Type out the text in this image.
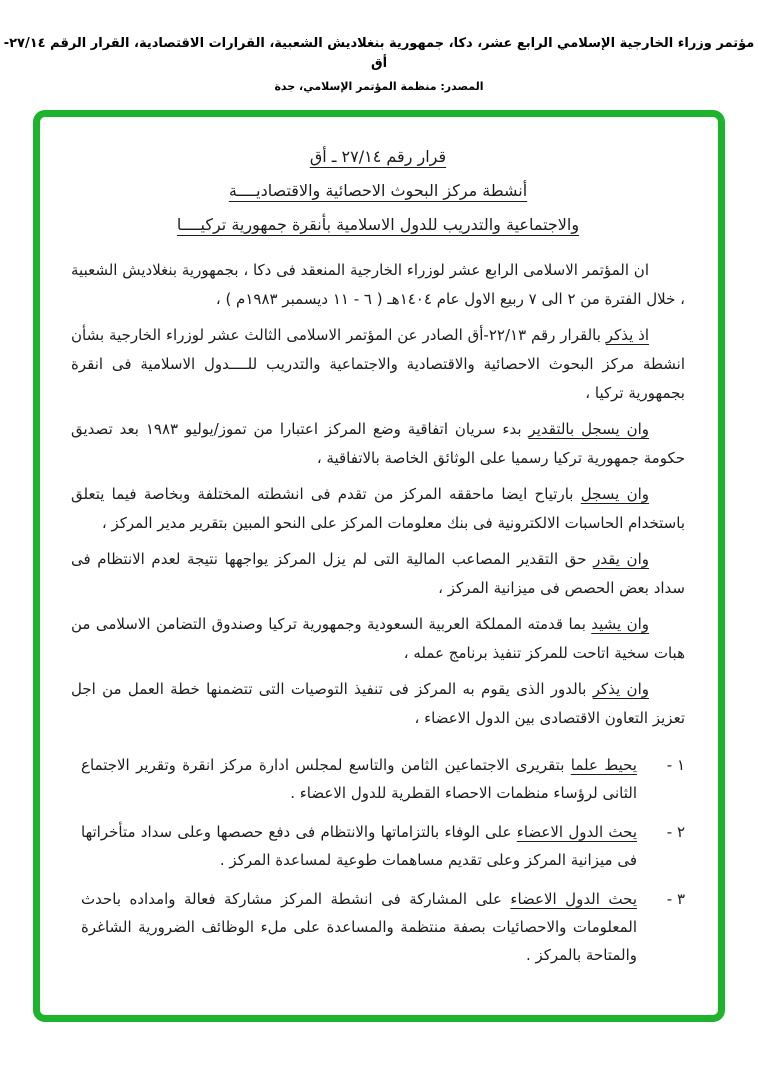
مؤتمر وزراء الخارجية الإسلامي الرابع عشر، دكا، جمهورية بنغلاديش الشعبية، القرارات الاقتصادية، القرار الرقم ٢٧/١٤-أق
المصدر: منظمة المؤتمر الإسلامي، جدة
قرار رقم ٢٧/١٤ ـ أق
أنشطة مركز البحوث الاحصائية والاقتصاديــــة
والاجتماعية والتدريب للدول الاسلامية بأنقرة جمهورية تركيــــا

ان المؤتمر الاسلامى الرابع عشر لوزراء الخارجية المنعقد فى دكا ، بجمهورية بنغلاديش الشعبية ، خلال الفترة من ٢ الى ٧ ربيع الاول عام ١٤٠٤هـ ( ٦ - ١١ ديسمبر ١٩٨٣م ) ،

اذ يذكر بالقرار رقم ٢٢/١٣-أق الصادر عن المؤتمر الاسلامى الثالث عشر لوزراء الخارجية بشأن انشطة مركز البحوث الاحصائية والاقتصادية والاجتماعية والتدريب للــــدول الاسلامية فى انقرة بجمهورية تركيا ،

وان يسجل بالتقدير بدء سريان اتفاقية وضع المركز اعتبارا من تموز/يوليو ١٩٨٣ بعد تصديق حكومة جمهورية تركيا رسميا على الوثائق الخاصة بالاتفاقية ،

وان يسجل بارتياح ايضا ماحققه المركز من تقدم فى انشطته المختلفة وبخاصة فيما يتعلق باستخدام الحاسبات الالكترونية فى بنك معلومات المركز على النحو المبين بتقرير مدير المركز ،

وان يقدر حق التقدير المصاعب المالية التى لم يزل المركز يواجهها نتيجة لعدم الانتظام فى سداد بعض الحصص فى ميزانية المركز ،

وان يشيد بما قدمته المملكة العربية السعودية وجمهورية تركيا وصندوق التضامن الاسلامى من هبات سخية اتاحت للمركز تنفيذ برنامج عمله ،

وان يذكر بالدور الذى يقوم به المركز فى تنفيذ التوصيات التى تتضمنها خطة العمل من اجل تعزيز التعاون الاقتصادى بين الدول الاعضاء ،

١ -
يحيط علما بتقريرى الاجتماعين الثامن والتاسع لمجلس ادارة مركز انقرة وتقرير الاجتماع الثانى لرؤساء منظمات الاحصاء القطرية للدول الاعضاء .
٢ -
يحث الدول الاعضاء على الوفاء بالتزاماتها والانتظام فى دفع حصصها وعلى سداد متأخراتها فى ميزانية المركز وعلى تقديم مساهمات طوعية لمساعدة المركز .
٣ -
يحث الدول الاعضاء على المشاركة فى انشطة المركز مشاركة فعالة وامداده باحدث المعلومات والاحصائيات بصفة منتظمة والمساعدة على ملء الوظائف الضرورية الشاغرة والمتاحة بالمركز .
